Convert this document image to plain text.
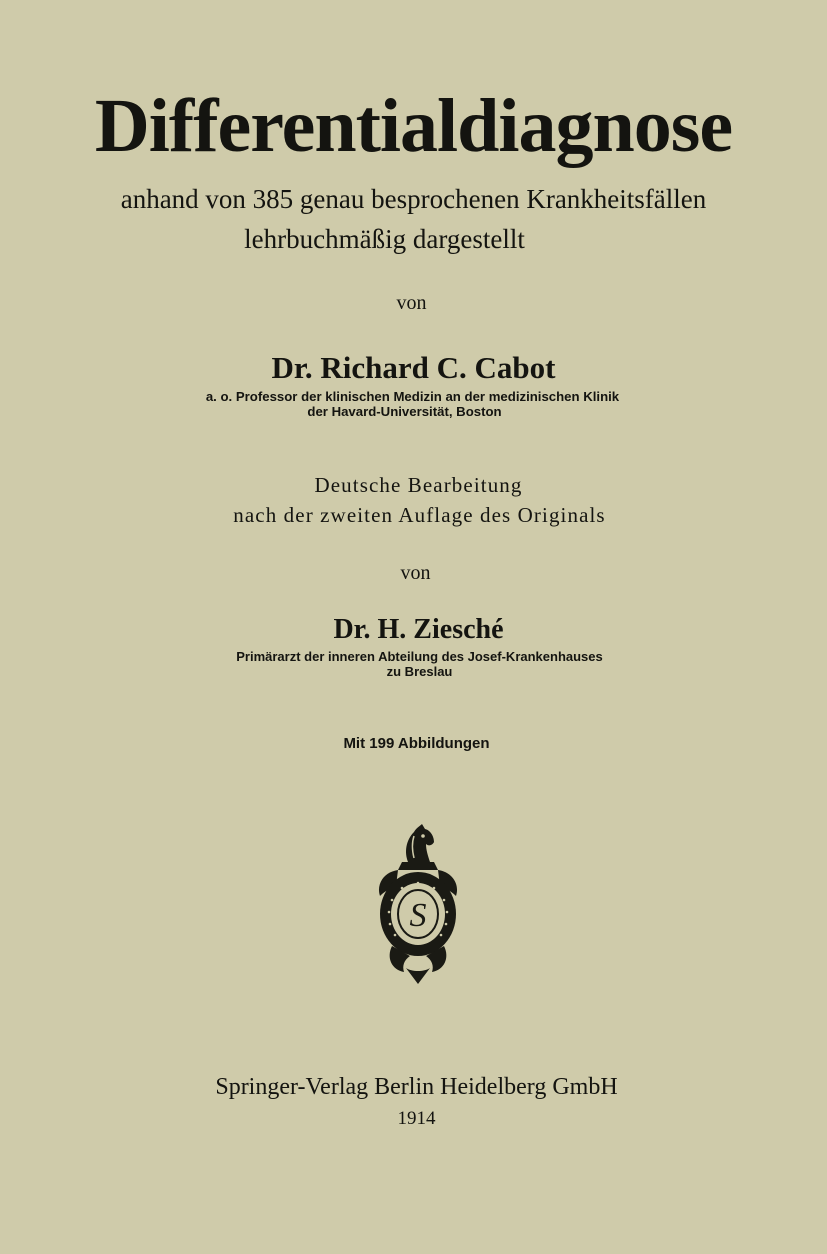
Differentialdiagnose
anhand von 385 genau besprochenen Krankheitsfällen
lehrbuchmäßig dargestellt
von
Dr. Richard C. Cabot
a. o. Professor der klinischen Medizin an der medizinischen Klinik
der Havard-Universität, Boston
Deutsche Bearbeitung
nach der zweiten Auflage des Originals
von
Dr. H. Ziesché
Primärarzt der inneren Abteilung des Josef-Krankenhauses
zu Breslau
Mit 199 Abbildungen
S
Springer-Verlag Berlin Heidelberg GmbH
1914
